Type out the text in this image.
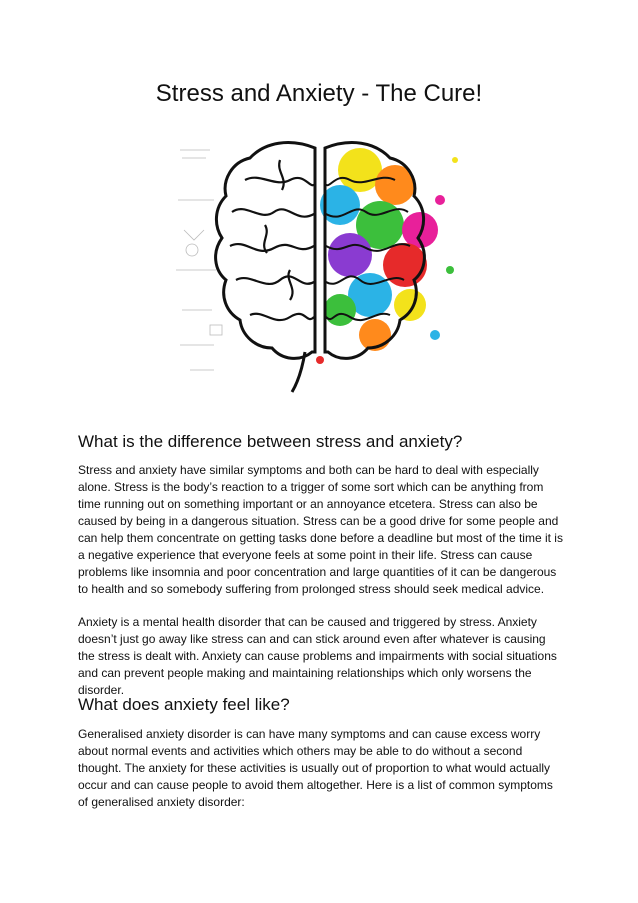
Stress and Anxiety - The Cure!
What is the difference between stress and anxiety?

Stress and anxiety have similar symptoms and both can be hard to deal with especially alone. Stress is the body’s reaction to a trigger of some sort which can be anything from time running out on something important or an annoyance etcetera. Stress can also be caused by being in a dangerous situation. Stress can be a good drive for some people and can help them concentrate on getting tasks done before a deadline but most of the time it is a negative experience that everyone feels at some point in their life. Stress can cause problems like insomnia and poor concentration and large quantities of it can be dangerous to health and so somebody suffering from prolonged stress should seek medical advice.

Anxiety is a mental health disorder that can be caused and triggered by stress. Anxiety doesn’t just go away like stress can and can stick around even after whatever is causing the stress is dealt with. Anxiety can cause problems and impairments with social situations and can prevent people making and maintaining relationships which only worsens the disorder.

What does anxiety feel like?

Generalised anxiety disorder is can have many symptoms and can cause excess worry about normal events and activities which others may be able to do without a second thought. The anxiety for these activities is usually out of proportion to what would actually occur and can cause people to avoid them altogether. Here is a list of common symptoms of generalised anxiety disorder:
